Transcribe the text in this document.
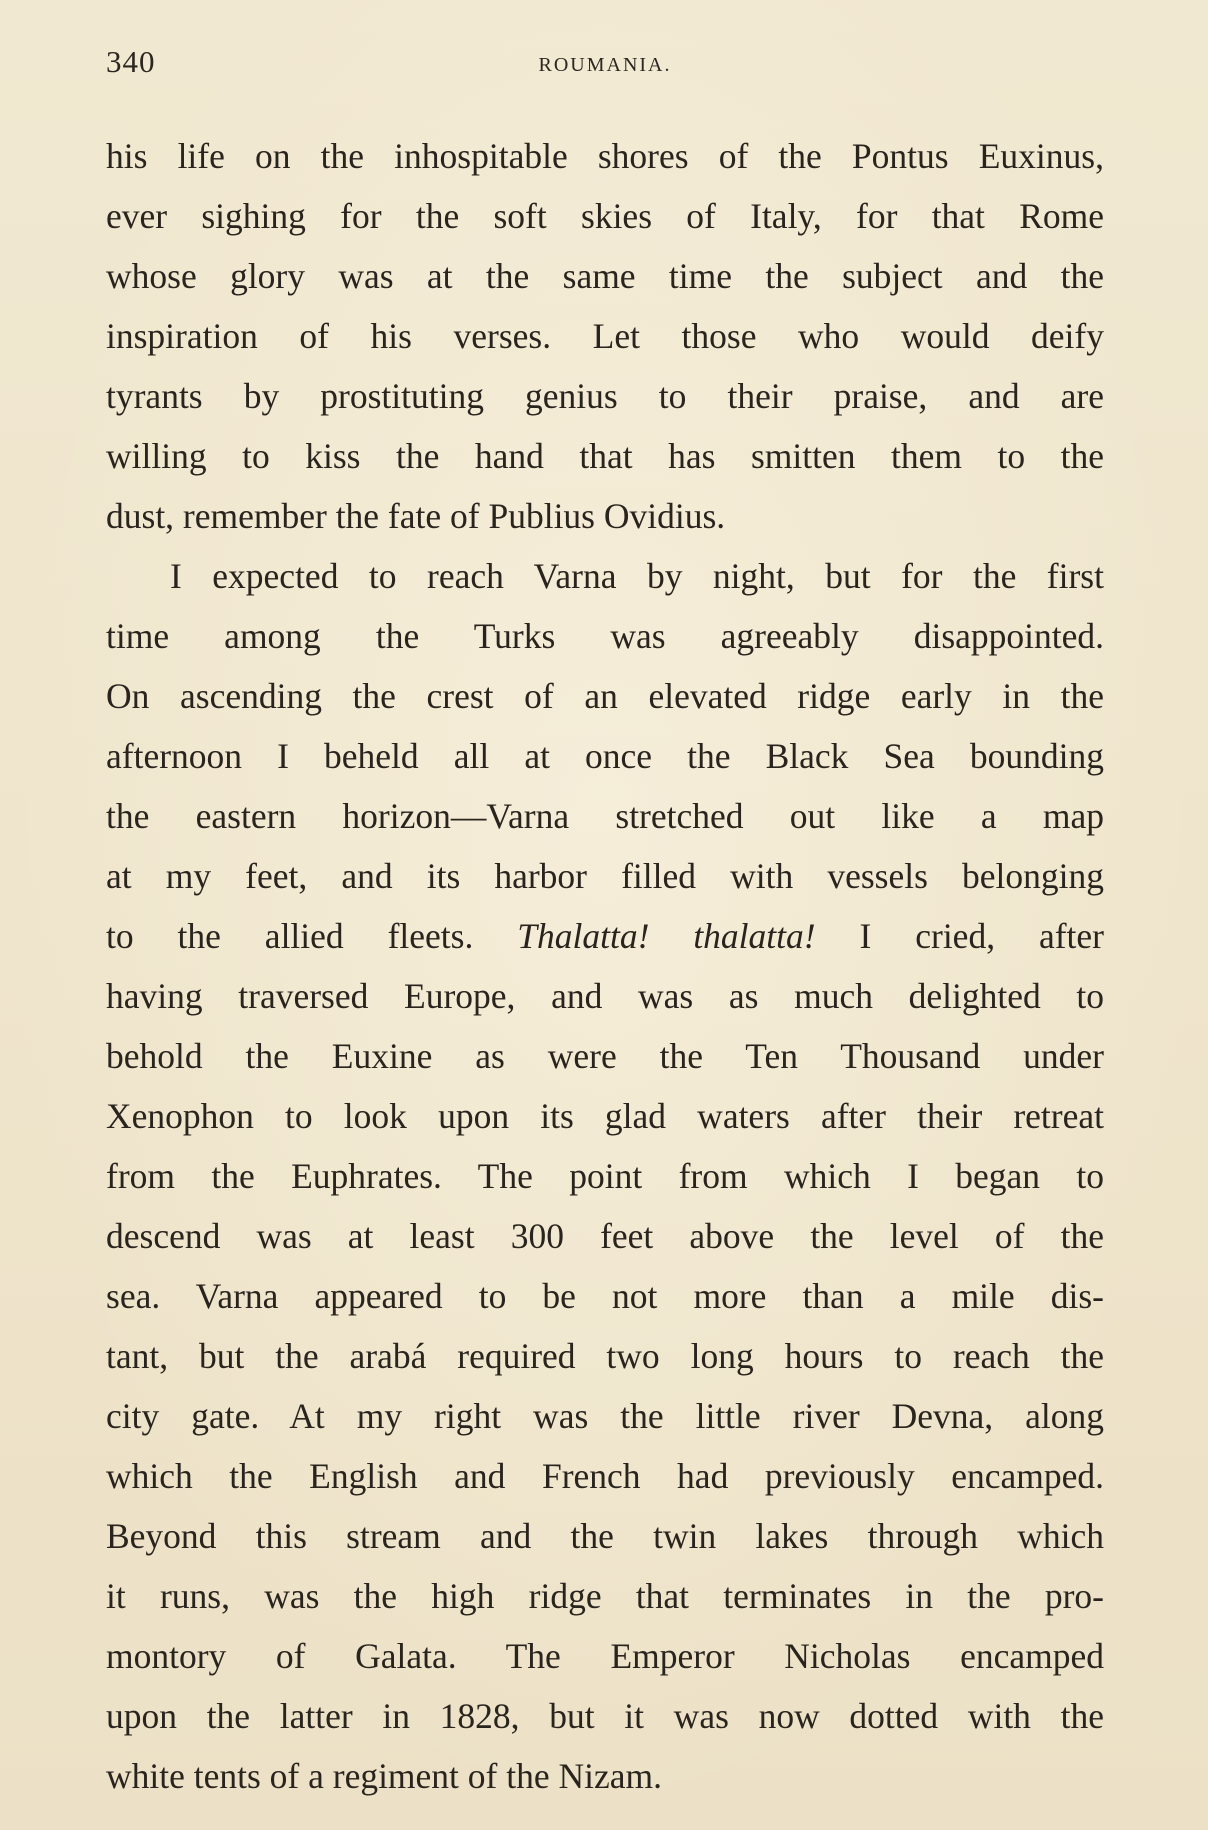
340	ROUMANIA.
his life on the inhospitable shores of the Pontus Euxinus,
ever sighing for the soft skies of Italy, for that Rome
whose glory was at the same time the subject and the
inspiration of his verses. Let those who would deify
tyrants by prostituting genius to their praise, and are
willing to kiss the hand that has smitten them to the
dust, remember the fate of Publius Ovidius.
I expected to reach Varna by night, but for the first
time among the Turks was agreeably disappointed.
On ascending the crest of an elevated ridge early in the
afternoon I beheld all at once the Black Sea bounding
the eastern horizon—Varna stretched out like a map
at my feet, and its harbor filled with vessels belonging
to the allied fleets. Thalatta! thalatta! I cried, after
having traversed Europe, and was as much delighted to
behold the Euxine as were the Ten Thousand under
Xenophon to look upon its glad waters after their retreat
from the Euphrates. The point from which I began to
descend was at least 300 feet above the level of the
sea. Varna appeared to be not more than a mile dis-
tant, but the arabá required two long hours to reach the
city gate. At my right was the little river Devna, along
which the English and French had previously encamped.
Beyond this stream and the twin lakes through which
it runs, was the high ridge that terminates in the pro-
montory of Galata. The Emperor Nicholas encamped
upon the latter in 1828, but it was now dotted with the
white tents of a regiment of the Nizam.
